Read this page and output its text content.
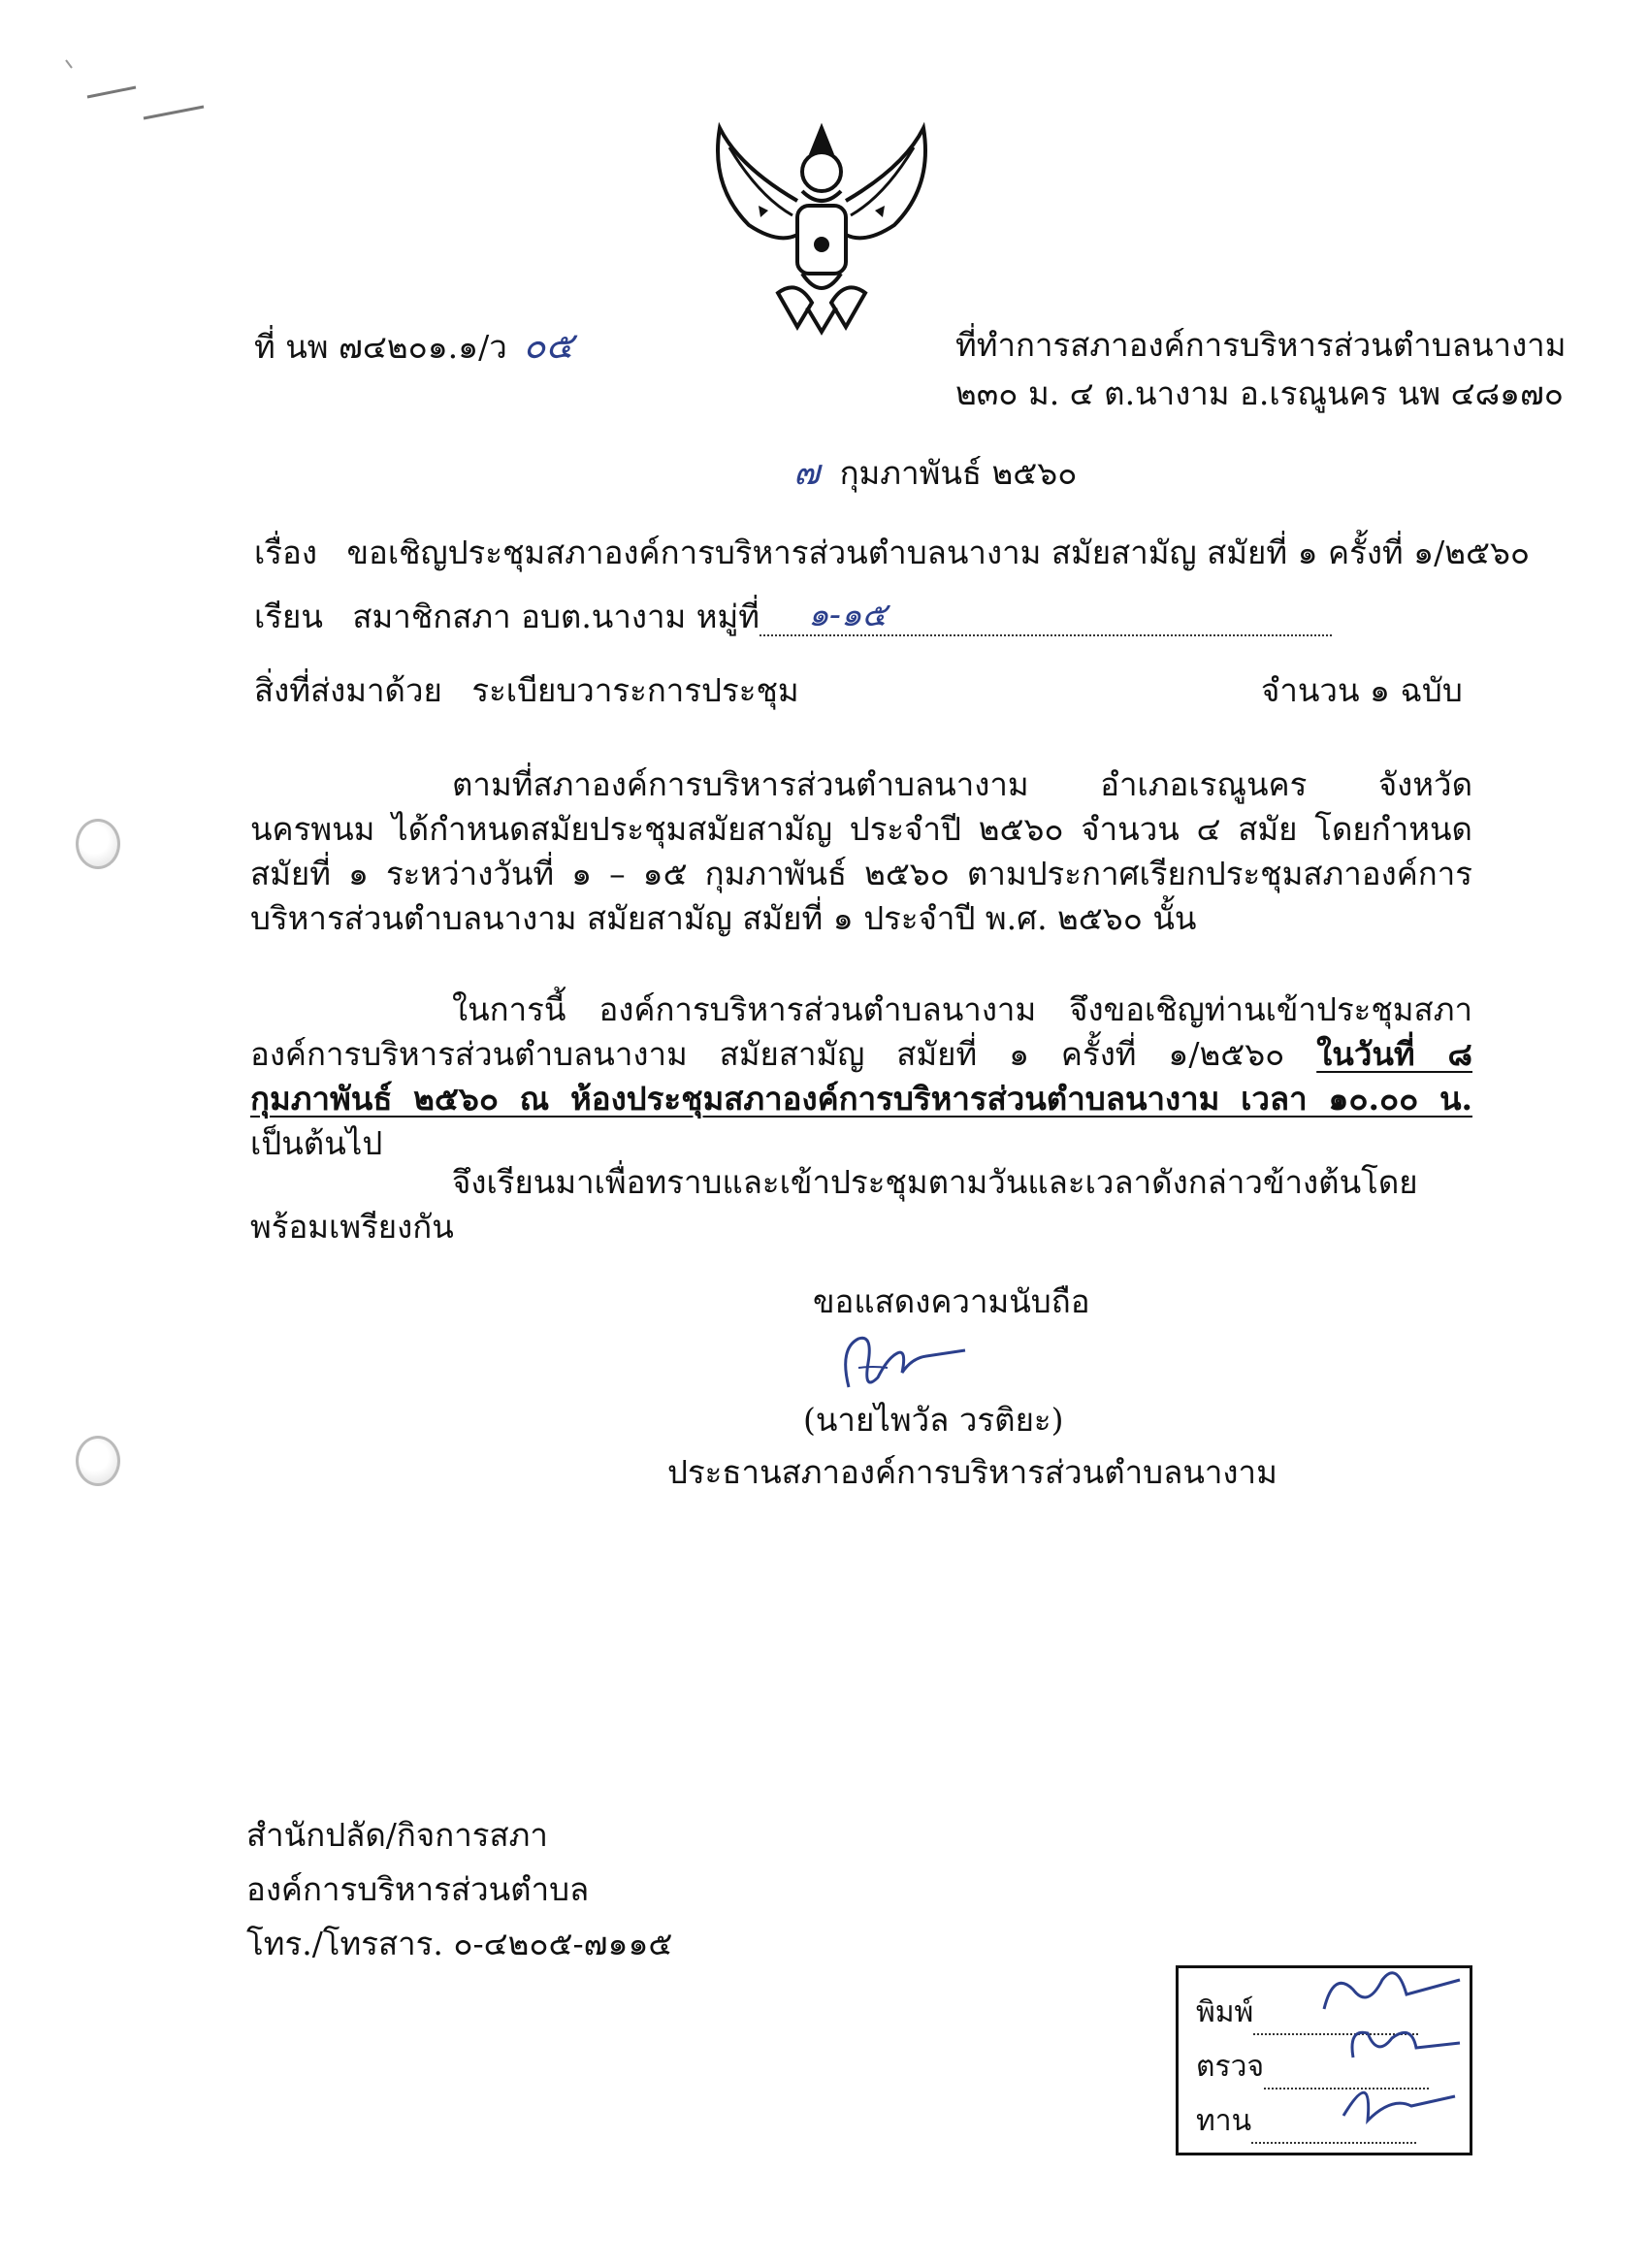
ที่ นพ ๗๔๒๐๑.๑/ว ๐๕	ที่ทำการสภาองค์การบริหารส่วนตำบลนางาม
๒๓๐ ม. ๔ ต.นางาม อ.เรณูนคร นพ ๔๘๑๗๐
๗ กุมภาพันธ์ ๒๕๖๐
เรื่อง ขอเชิญประชุมสภาองค์การบริหารส่วนตำบลนางาม สมัยสามัญ สมัยที่ ๑ ครั้งที่ ๑/๒๕๖๐
เรียน สมาชิกสภา อบต.นางาม หมู่ที่ ๑-๑๕
สิ่งที่ส่งมาด้วย ระเบียบวาระการประชุม	จำนวน ๑ ฉบับ
ตามที่สภาองค์การบริหารส่วนตำบลนางาม อำเภอเรณูนคร จังหวัดนครพนม ได้กำหนดสมัยประชุมสมัยสามัญ ประจำปี ๒๕๖๐ จำนวน ๔ สมัย โดยกำหนดสมัยที่ ๑ ระหว่างวันที่ ๑ – ๑๕ กุมภาพันธ์ ๒๕๖๐ ตามประกาศเรียกประชุมสภาองค์การบริหารส่วนตำบลนางาม สมัยสามัญ สมัยที่ ๑ ประจำปี พ.ศ. ๒๕๖๐ นั้น
ในการนี้ องค์การบริหารส่วนตำบลนางาม จึงขอเชิญท่านเข้าประชุมสภาองค์การบริหารส่วนตำบลนางาม สมัยสามัญ สมัยที่ ๑ ครั้งที่ ๑/๒๕๖๐ ในวันที่ ๘ กุมภาพันธ์ ๒๕๖๐ ณ ห้องประชุมสภาองค์การบริหารส่วนตำบลนางาม เวลา ๑๐.๐๐ น. เป็นต้นไป
จึงเรียนมาเพื่อทราบและเข้าประชุมตามวันและเวลาดังกล่าวข้างต้นโดยพร้อมเพรียงกัน
ขอแสดงความนับถือ
(นายไพวัล วรติยะ)
ประธานสภาองค์การบริหารส่วนตำบลนางาม
สำนักปลัด/กิจการสภา
องค์การบริหารส่วนตำบล
โทร./โทรสาร. ๐-๔๒๐๕-๗๑๑๕
พิมพ์
ตรวจ
ทาน
